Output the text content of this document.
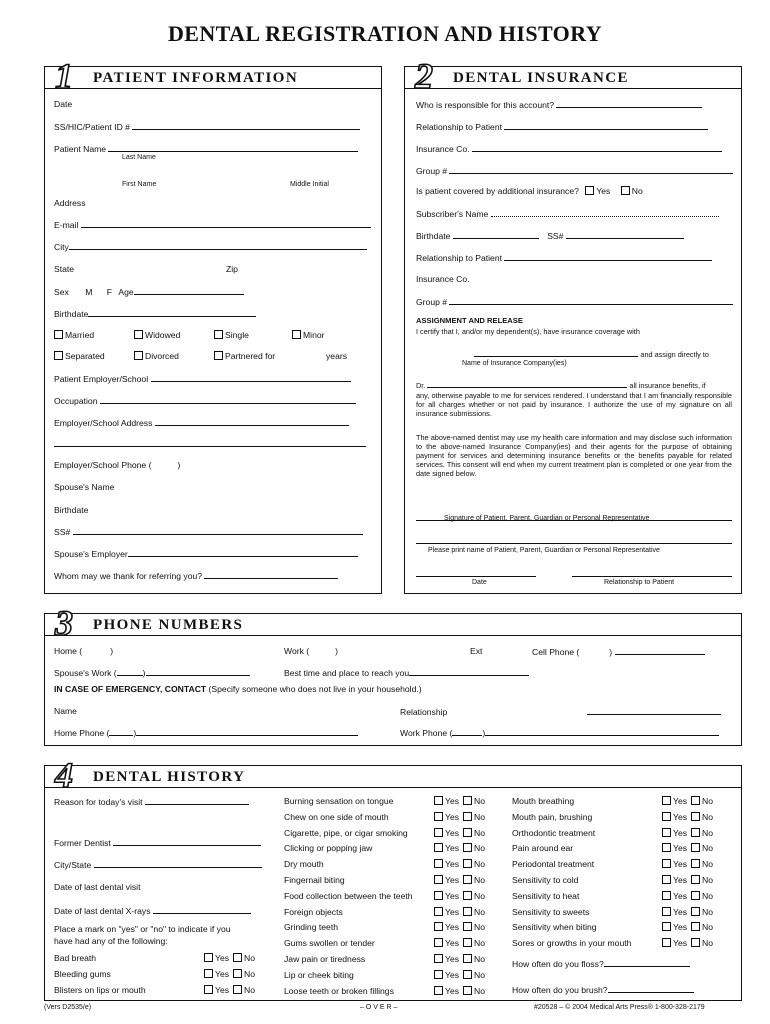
DENTAL REGISTRATION AND HISTORY
1 PATIENT INFORMATION
Date
SS/HIC/Patient ID #
Patient Name
Last Name
First Name	Middle Initial
Address
E-mail
City
State	Zip
Sex M F Age
Birthdate
Married	Widowed	Single	Minor
Separated	Divorced	Partnered for	years
Patient Employer/School
Occupation
Employer/School Address
Employer/School Phone (	)
Spouse's Name
Birthdate
SS#
Spouse's Employer
Whom may we thank for referring you?
2 DENTAL INSURANCE
Who is responsible for this account?
Relationship to Patient
Insurance Co.
Group #
Is patient covered by additional insurance? Yes No
Subscriber's Name
Birthdate	SS#
Relationship to Patient
Insurance Co.
Group #
ASSIGNMENT AND RELEASE
I certify that I, and/or my dependent(s), have insurance coverage with
and assign directly to
Name of Insurance Company(ies)
Dr.	all insurance benefits, if
any, otherwise payable to me for services rendered. I understand that I am financially responsible for all charges whether or not paid by insurance. I authorize the use of my signature on all insurance submissions.
The above-named dentist may use my health care information and may disclose such information to the above-named Insurance Company(ies) and their agents for the purpose of obtaining payment for services and determining insurance benefits or the benefits payable for related services. This consent will end when my current treatment plan is completed or one year from the date signed below.
Signature of Patient, Parent, Guardian or Personal Representative
Please print name of Patient, Parent, Guardian or Personal Representative
Date	Relationship to Patient
3 PHONE NUMBERS
Home (	)	Work (	)	Ext	Cell Phone (	)
Spouse's Work (	)	Best time and place to reach you
IN CASE OF EMERGENCY, CONTACT (Specify someone who does not live in your household.)
Name	Relationship
Home Phone (	)	Work Phone (	)
4 DENTAL HISTORY
Reason for today's visit
Former Dentist
City/State
Date of last dental visit
Date of last dental X-rays
Place a mark on "yes" or "no" to indicate if you
have had any of the following:
Bad breath	Yes No
Bleeding gums	Yes No
Blisters on lips or mouth	Yes No
Burning sensation on tongue	Yes No
Chew on one side of mouth	Yes No
Cigarette, pipe, or cigar smoking	Yes No
Clicking or popping jaw	Yes No
Dry mouth	Yes No
Fingernail biting	Yes No
Food collection between the teeth	Yes No
Foreign objects	Yes No
Grinding teeth	Yes No
Gums swollen or tender	Yes No
Jaw pain or tiredness	Yes No
Lip or cheek biting	Yes No
Loose teeth or broken fillings	Yes No
Mouth breathing	Yes No
Mouth pain, brushing	Yes No
Orthodontic treatment	Yes No
Pain around ear	Yes No
Periodontal treatment	Yes No
Sensitivity to cold	Yes No
Sensitivity to heat	Yes No
Sensitivity to sweets	Yes No
Sensitivity when biting	Yes No
Sores or growths in your mouth	Yes No
How often do you floss?
How often do you brush?
(Vers D2535/e)	– O V E R –	#20528 – © 2004 Medical Arts Press® 1-800-328-2179
